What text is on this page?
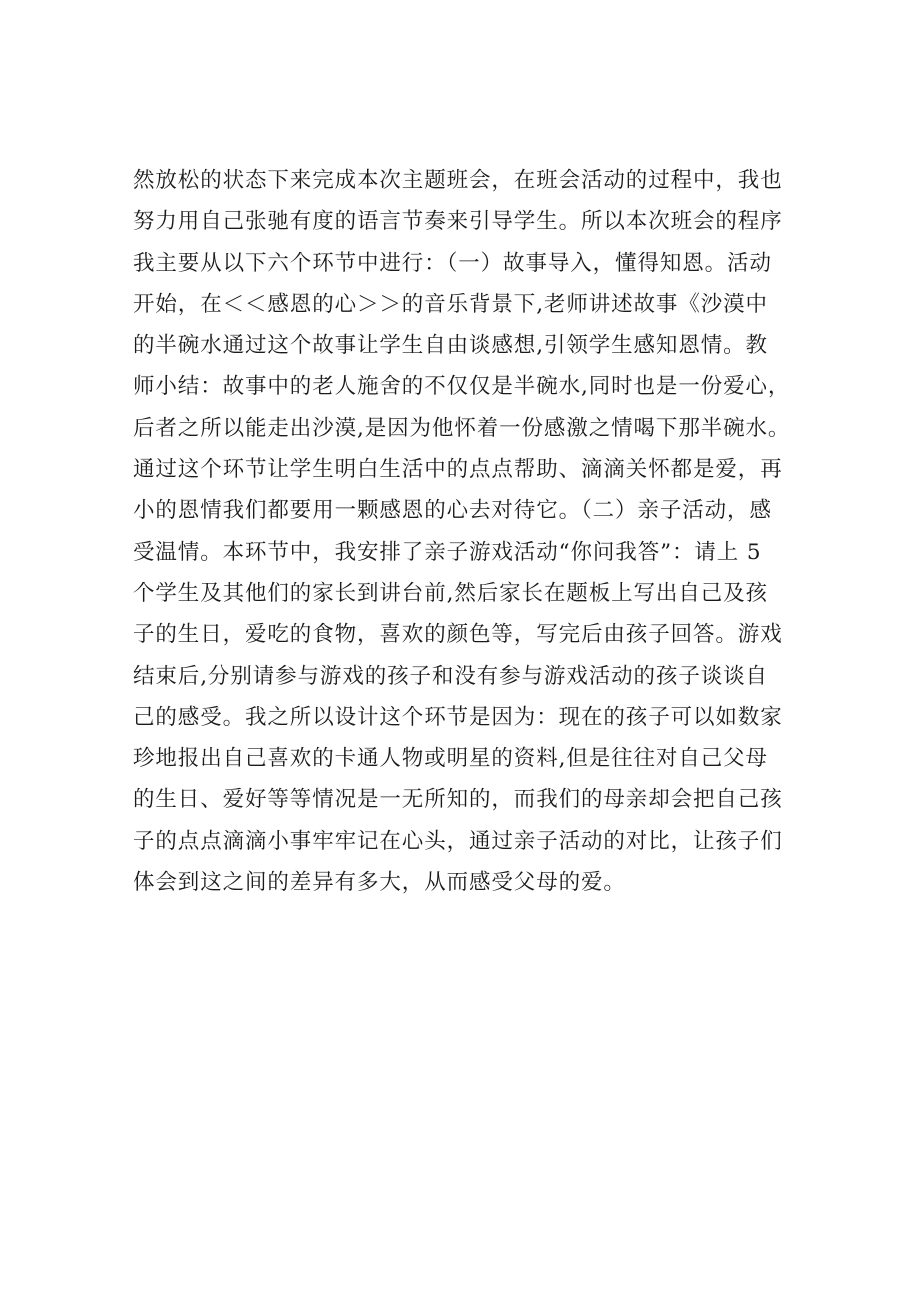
然放松的状态下来完成本次主题班会，在班会活动的过程中，我也
努力用自己张驰有度的语言节奏来引导学生。所以本次班会的程序
我主要从以下六个环节中进行：（一）故事导入，懂得知恩。活动
开始，在＜＜感恩的心＞＞的音乐背景下,老师讲述故事《沙漠中
的半碗水通过这个故事让学生自由谈感想,引领学生感知恩情。教
师小结：故事中的老人施舍的不仅仅是半碗水,同时也是一份爱心，
后者之所以能走出沙漠,是因为他怀着一份感激之情喝下那半碗水。
通过这个环节让学生明白生活中的点点帮助、滴滴关怀都是爱，再
小的恩情我们都要用一颗感恩的心去对待它。（二）亲子活动，感
受温情。本环节中，我安排了亲子游戏活动“你问我答”：请上 5
个学生及其他们的家长到讲台前,然后家长在题板上写出自己及孩
子的生日，爱吃的食物，喜欢的颜色等，写完后由孩子回答。游戏
结束后,分别请参与游戏的孩子和没有参与游戏活动的孩子谈谈自
己的感受。我之所以设计这个环节是因为：现在的孩子可以如数家
珍地报出自己喜欢的卡通人物或明星的资料,但是往往对自己父母
的生日、爱好等等情况是一无所知的，而我们的母亲却会把自己孩
子的点点滴滴小事牢牢记在心头，通过亲子活动的对比，让孩子们
体会到这之间的差异有多大，从而感受父母的爱。
